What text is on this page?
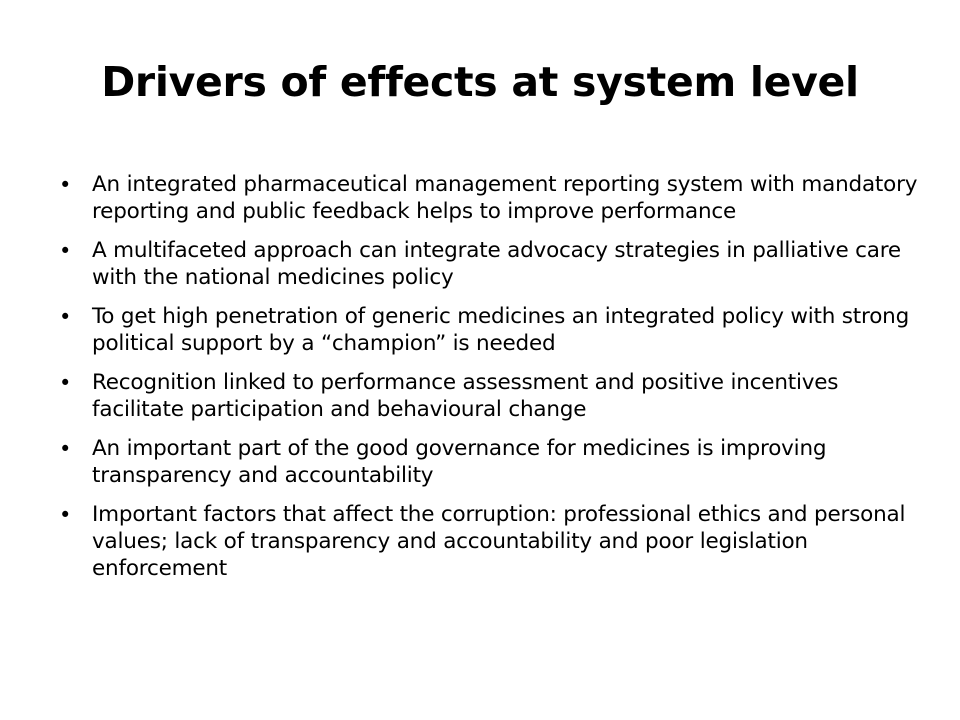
Drivers of effects at system level
• An integrated pharmaceutical management reporting system with mandatory reporting and public feedback helps to improve performance
• A multifaceted approach can integrate advocacy strategies in palliative care with the national medicines policy
• To get high penetration of generic medicines an integrated policy with strong political support by a “champion” is needed
• Recognition linked to performance assessment and positive incentives facilitate participation and behavioural change
• An important part of the good governance for medicines is improving transparency and accountability
• Important factors that affect the corruption: professional ethics and personal values; lack of transparency and accountability and poor legislation enforcement
